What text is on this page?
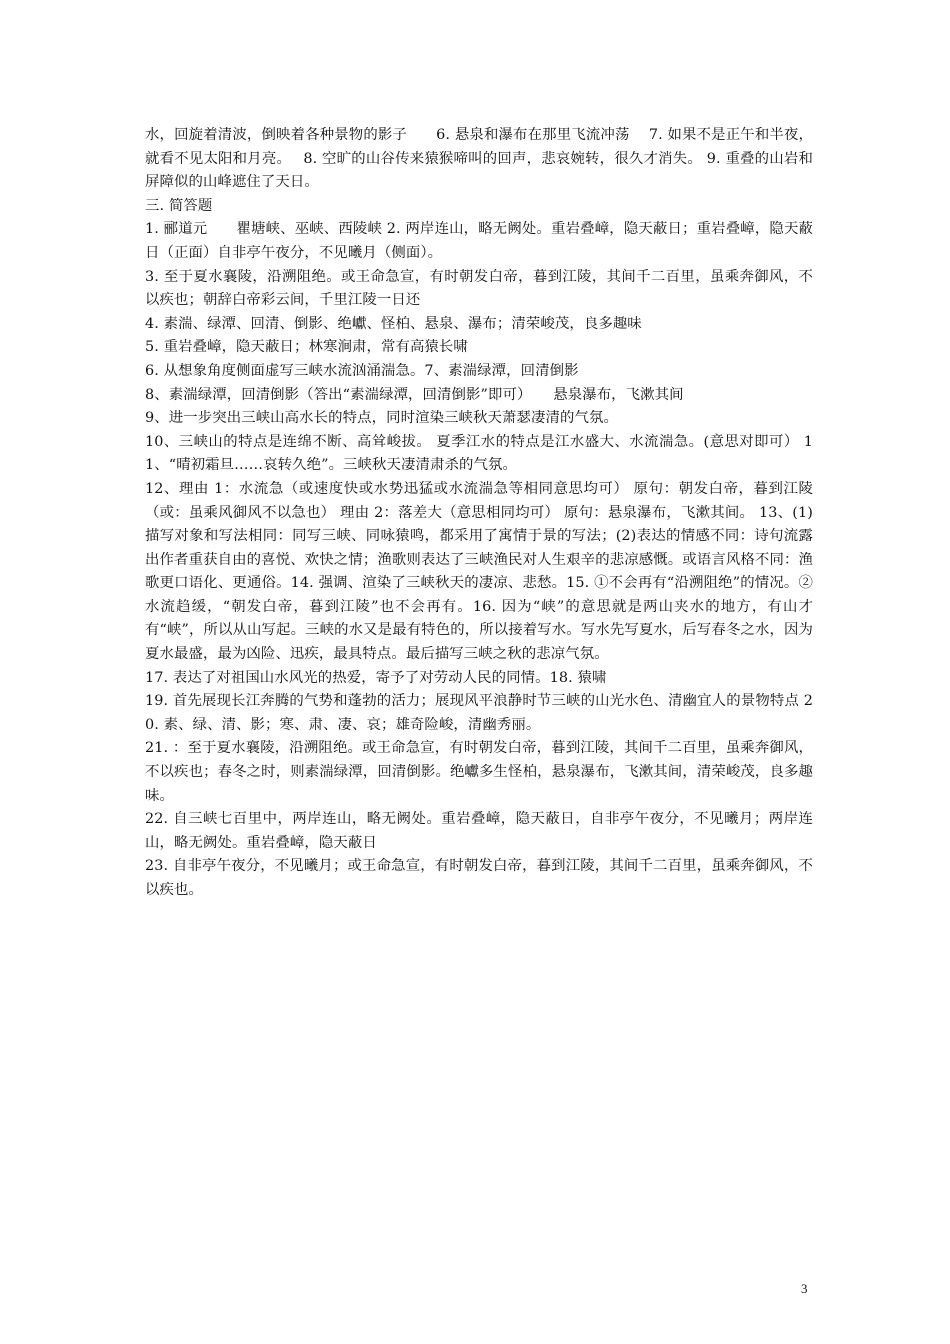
水，回旋着清波，倒映着各种景物的影子　　6. 悬泉和瀑布在那里飞流冲荡　 7. 如果不是正午和半夜，就看不见太阳和月亮。　 8. 空旷的山谷传来猿猴啼叫的回声，悲哀婉转，很久才消失。 9. 重叠的山岩和屏障似的山峰遮住了天日。

三. 简答题

1. 郦道元　　瞿塘峡、巫峡、西陵峡 2. 两岸连山，略无阙处。重岩叠嶂，隐天蔽日；重岩叠嶂，隐天蔽日（正面）自非亭午夜分，不见曦月（侧面）。

3. 至于夏水襄陵，沿溯阻绝。或王命急宣，有时朝发白帝，暮到江陵，其间千二百里，虽乘奔御风，不以疾也；朝辞白帝彩云间，千里江陵一日还

4. 素湍、绿潭、回清、倒影、绝巘、怪柏、悬泉、瀑布；清荣峻茂，良多趣味

5. 重岩叠嶂，隐天蔽日；林寒涧肃，常有高猿长啸

6. 从想象角度侧面虚写三峡水流汹涌湍急。7、素湍绿潭，回清倒影

8、素湍绿潭，回清倒影（答出“素湍绿潭，回清倒影”即可）　　悬泉瀑布，飞漱其间

9、进一步突出三峡山高水长的特点，同时渲染三峡秋天萧瑟凄清的气氛。

10、三峡山的特点是连绵不断、高耸峻拔。 夏季江水的特点是江水盛大、水流湍急。(意思对即可） 11、“晴初霜旦……哀转久绝”。三峡秋天凄清肃杀的气氛。

12、理由 1：水流急（或速度快或水势迅猛或水流湍急等相同意思均可） 原句：朝发白帝，暮到江陵（或：虽乘风御风不以急也） 理由 2：落差大（意思相同均可） 原句：悬泉瀑布，飞漱其间。 13、(1)描写对象和写法相同：同写三峡、同咏猿鸣，都采用了寓情于景的写法；(2)表达的情感不同：诗句流露出作者重获自由的喜悦、欢快之情；渔歌则表达了三峡渔民对人生艰辛的悲凉感慨。或语言风格不同：渔歌更口语化、更通俗。14. 强调、渲染了三峡秋天的凄凉、悲愁。15. ①不会再有“沿溯阻绝”的情况。②水流趋缓，“朝发白帝，暮到江陵”也不会再有。16. 因为“峡”的意思就是两山夹水的地方，有山才有“峡”，所以从山写起。三峡的水又是最有特色的，所以接着写水。写水先写夏水，后写春冬之水，因为夏水最盛，最为凶险、迅疾，最具特点。最后描写三峡之秋的悲凉气氛。

17. 表达了对祖国山水风光的热爱，寄予了对劳动人民的同情。18. 猿啸

19. 首先展现长江奔腾的气势和蓬勃的活力；展现风平浪静时节三峡的山光水色、清幽宜人的景物特点 20. 素、绿、清、影；寒、肃、凄、哀；雄奇险峻，清幽秀丽。

21. ：至于夏水襄陵，沿溯阻绝。或王命急宣，有时朝发白帝，暮到江陵，其间千二百里，虽乘奔御风，不以疾也；春冬之时，则素湍绿潭，回清倒影。绝巘多生怪柏，悬泉瀑布，飞漱其间，清荣峻茂，良多趣味。

22. 自三峡七百里中，两岸连山，略无阙处。重岩叠嶂，隐天蔽日，自非亭午夜分，不见曦月；两岸连山，略无阙处。重岩叠嶂，隐天蔽日

23. 自非亭午夜分，不见曦月；或王命急宣，有时朝发白帝，暮到江陵，其间千二百里，虽乘奔御风，不以疾也。

3
